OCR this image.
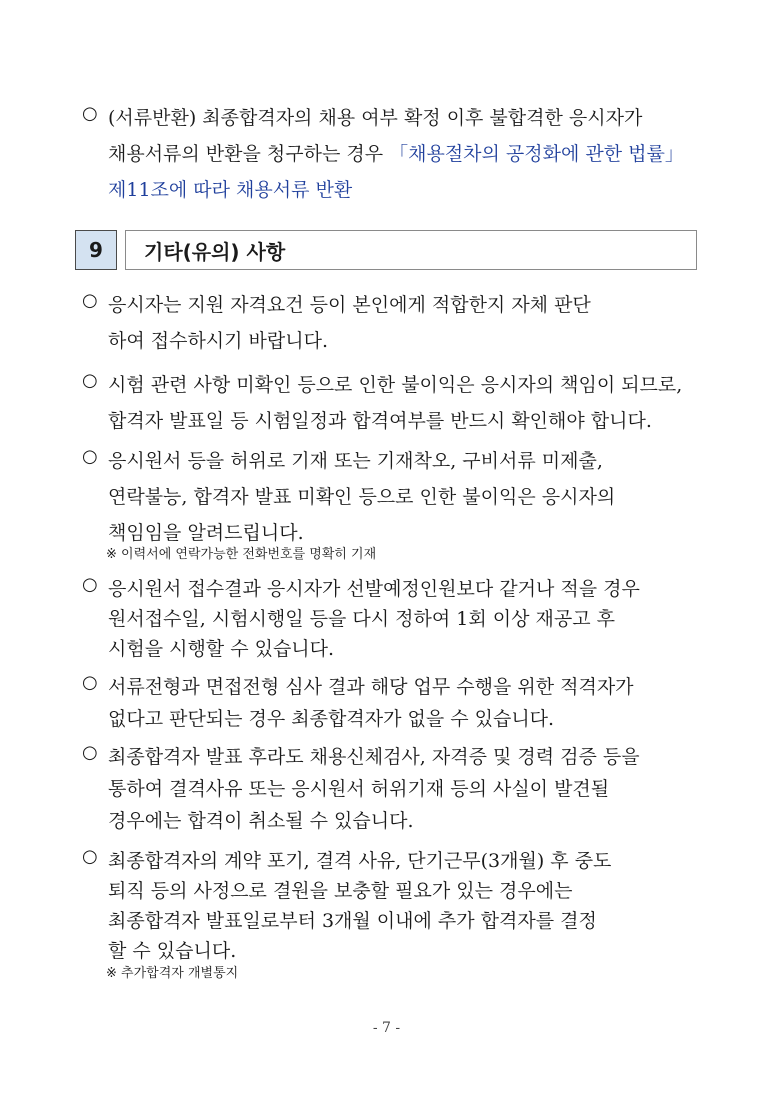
○ (서류반환) 최종합격자의 채용 여부 확정 이후 불합격한 응시자가
채용서류의 반환을 청구하는 경우 「채용절차의 공정화에 관한 법률」
제11조에 따라 채용서류 반환
9	기타(유의) 사항
○ 응시자는 지원 자격요건 등이 본인에게 적합한지 자체 판단
하여 접수하시기 바랍니다.
○ 시험 관련 사항 미확인 등으로 인한 불이익은 응시자의 책임이 되므로,
합격자 발표일 등 시험일정과 합격여부를 반드시 확인해야 합니다.
○ 응시원서 등을 허위로 기재 또는 기재착오, 구비서류 미제출,
연락불능, 합격자 발표 미확인 등으로 인한 불이익은 응시자의
책임임을 알려드립니다.
※ 이력서에 연락가능한 전화번호를 명확히 기재
○ 응시원서 접수결과 응시자가 선발예정인원보다 같거나 적을 경우
원서접수일, 시험시행일 등을 다시 정하여 1회 이상 재공고 후
시험을 시행할 수 있습니다.
○ 서류전형과 면접전형 심사 결과 해당 업무 수행을 위한 적격자가
없다고 판단되는 경우 최종합격자가 없을 수 있습니다.
○ 최종합격자 발표 후라도 채용신체검사, 자격증 및 경력 검증 등을
통하여 결격사유 또는 응시원서 허위기재 등의 사실이 발견될
경우에는 합격이 취소될 수 있습니다.
○ 최종합격자의 계약 포기, 결격 사유, 단기근무(3개월) 후 중도
퇴직 등의 사정으로 결원을 보충할 필요가 있는 경우에는
최종합격자 발표일로부터 3개월 이내에 추가 합격자를 결정
할 수 있습니다.
※ 추가합격자 개별통지
- 7 -
